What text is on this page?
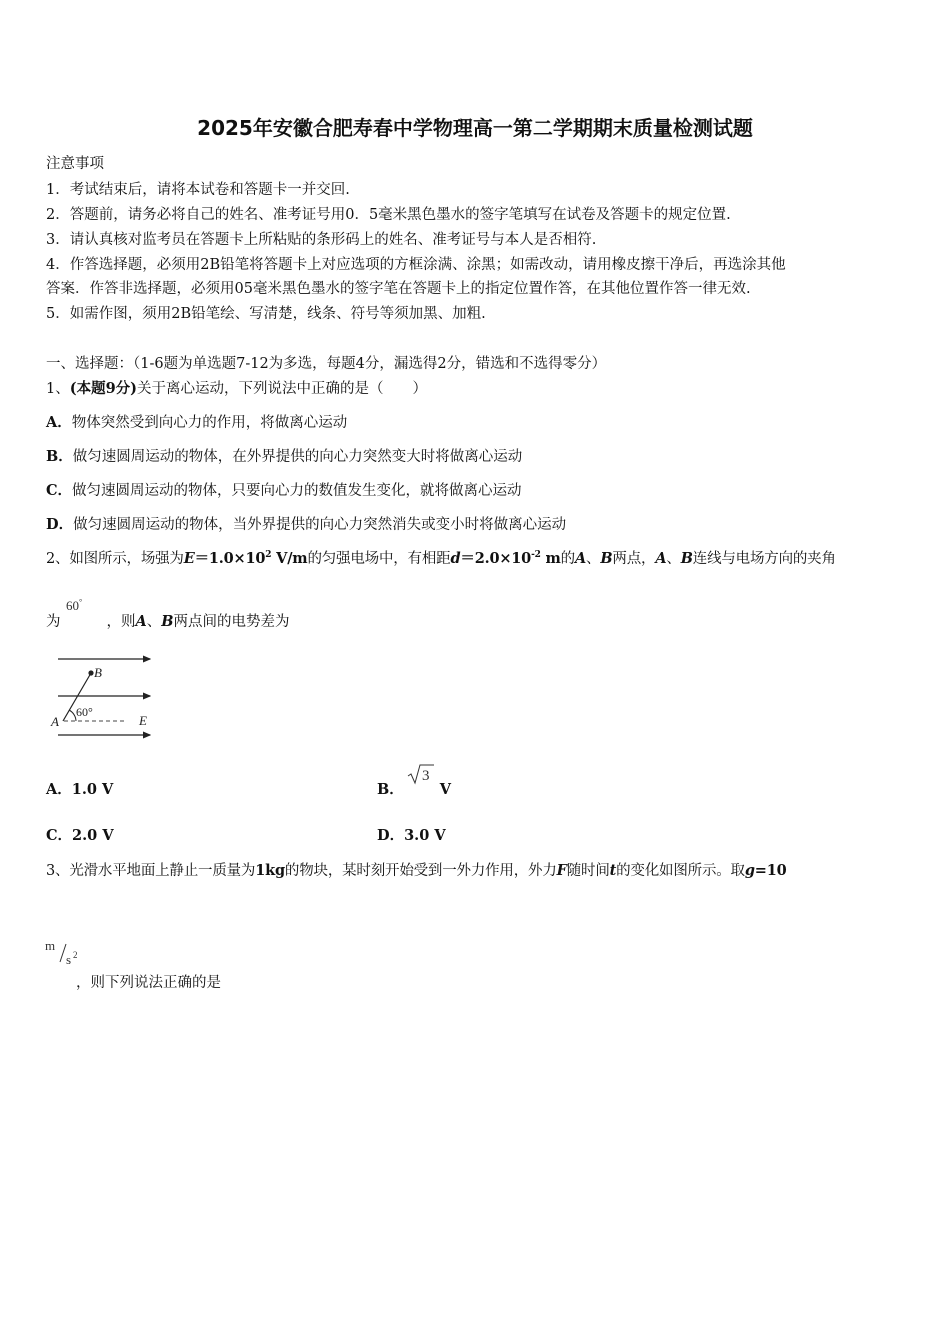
2025年安徽合肥寿春中学物理高一第二学期期末质量检测试题
注意事项
1．考试结束后，请将本试卷和答题卡一并交回.
2．答题前，请务必将自己的姓名、准考证号用0．5毫米黑色墨水的签字笔填写在试卷及答题卡的规定位置.
3．请认真核对监考员在答题卡上所粘贴的条形码上的姓名、准考证号与本人是否相符.
4．作答选择题，必须用2B铅笔将答题卡上对应选项的方框涂满、涂黑；如需改动，请用橡皮擦干净后，再选涂其他
答案．作答非选择题，必须用05毫米黑色墨水的签字笔在答题卡上的指定位置作答，在其他位置作答一律无效.
5．如需作图，须用2B铅笔绘、写清楚，线条、符号等须加黑、加粗.
一、选择题：（1-6题为单选题7-12为多选，每题4分，漏选得2分，错选和不选得零分）
1、(本题9分)关于离心运动，下列说法中正确的是（　　）
A．物体突然受到向心力的作用，将做离心运动
B．做匀速圆周运动的物体，在外界提供的向心力突然变大时将做离心运动
C．做匀速圆周运动的物体，只要向心力的数值发生变化，就将做离心运动
D．做匀速圆周运动的物体，当外界提供的向心力突然消失或变小时将做离心运动
2、如图所示，场强为$E=1.0\times 10^2$ V/m的匀强电场中，有相距$d=2.0\times 10^{-2}$ m的A、B两点，A、B连线与电场方向的夹角
为	，则A、B两点间的电势差为
60°
B
A	E
60°
A．1.0 V	B． V
3
C．2.0 V	D．3.0 V
3、光滑水平地面上静止一质量为1kg的物块，某时刻开始受到一外力作用，外力F随时间t的变化如图所示。取g=10
m
s 2
，则下列说法正确的是
